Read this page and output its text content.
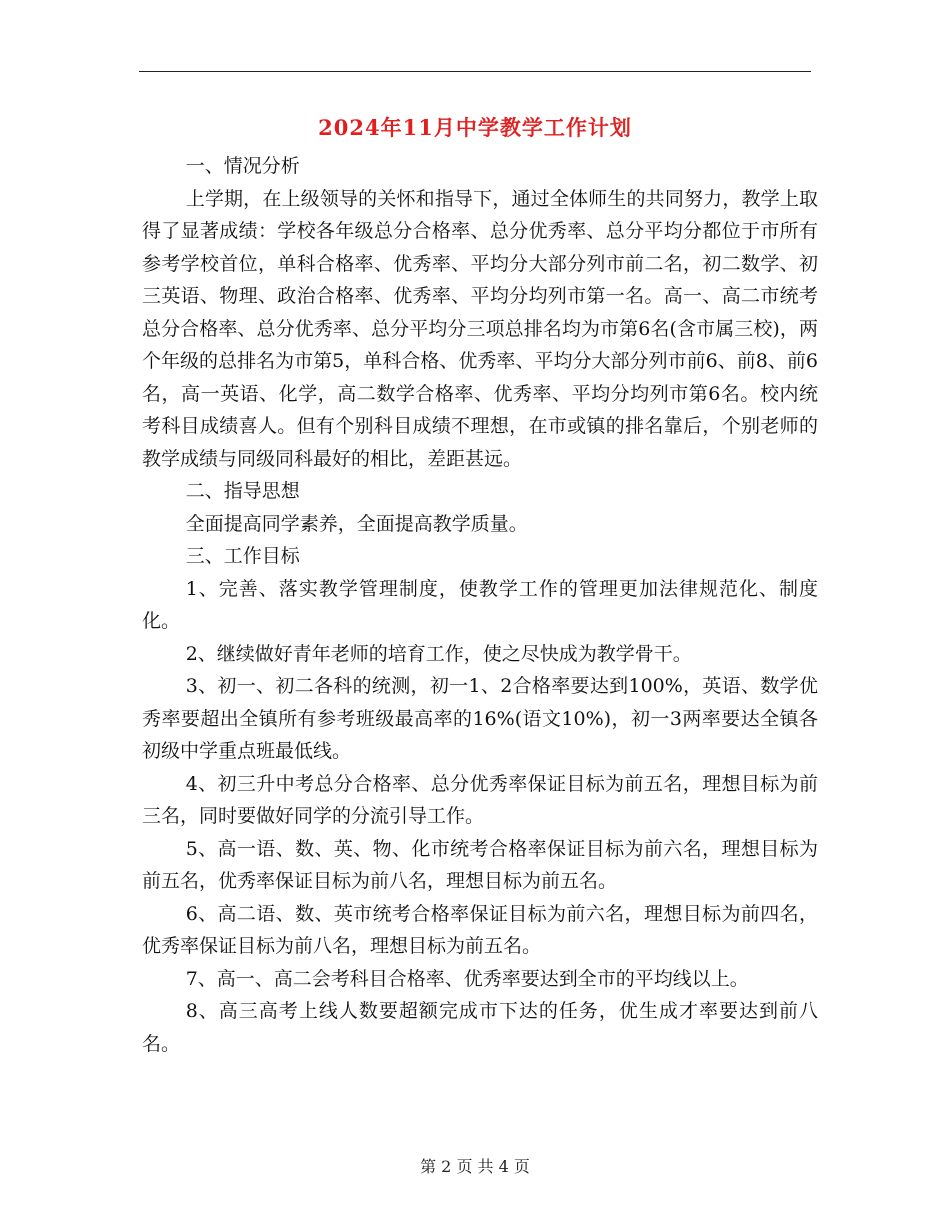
2024年11月中学教学工作计划

一、情况分析

上学期，在上级领导的关怀和指导下，通过全体师生的共同努力，教学上取得了显著成绩：学校各年级总分合格率、总分优秀率、总分平均分都位于市所有参考学校首位，单科合格率、优秀率、平均分大部分列市前二名，初二数学、初三英语、物理、政治合格率、优秀率、平均分均列市第一名。高一、高二市统考总分合格率、总分优秀率、总分平均分三项总排名均为市第6名(含市属三校)，两个年级的总排名为市第5，单科合格、优秀率、平均分大部分列市前6、前8、前6名，高一英语、化学，高二数学合格率、优秀率、平均分均列市第6名。校内统考科目成绩喜人。但有个别科目成绩不理想，在市或镇的排名靠后，个别老师的教学成绩与同级同科最好的相比，差距甚远。

二、指导思想

全面提高同学素养，全面提高教学质量。

三、工作目标

1、完善、落实教学管理制度，使教学工作的管理更加法律规范化、制度化。

2、继续做好青年老师的培育工作，使之尽快成为教学骨干。

3、初一、初二各科的统测，初一1、2合格率要达到100%，英语、数学优秀率要超出全镇所有参考班级最高率的16%(语文10%)，初一3两率要达全镇各初级中学重点班最低线。

4、初三升中考总分合格率、总分优秀率保证目标为前五名，理想目标为前三名，同时要做好同学的分流引导工作。

5、高一语、数、英、物、化市统考合格率保证目标为前六名，理想目标为前五名，优秀率保证目标为前八名，理想目标为前五名。

6、高二语、数、英市统考合格率保证目标为前六名，理想目标为前四名，优秀率保证目标为前八名，理想目标为前五名。

7、高一、高二会考科目合格率、优秀率要达到全市的平均线以上。

8、高三高考上线人数要超额完成市下达的任务，优生成才率要达到前八名。

第 2 页 共 4 页
